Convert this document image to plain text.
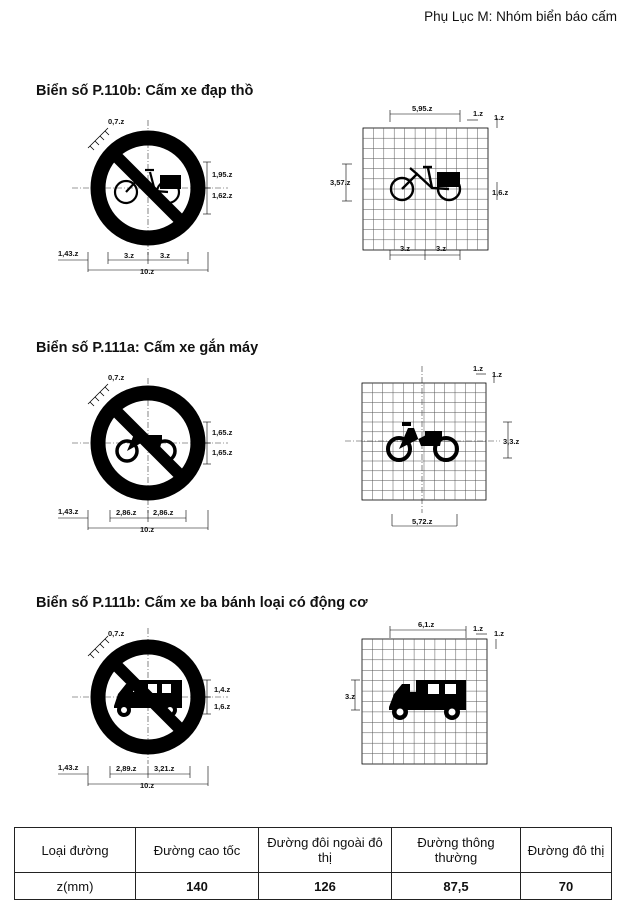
Phụ Lục M: Nhóm biển báo cấm
Biển số P.110b: Cấm xe đạp thồ
0,7.z
1,95.z
1,62.z
1,43.z	3.z	3.z
10.z
5,95.z
1.z 1.z
3,57.z
1,6.z
3.z	3.z
Biển số P.111a: Cấm xe gắn máy
0,7.z
1,65.z
1,65.z
1,43.z	2,86.z 2,86.z
10.z
1.z
1.z
3,3.z
5,72.z
Biển số P.111b: Cấm xe ba bánh loại có động cơ
0,7.z
1,4.z
1,6.z
1,43.z	2,89.z 3,21.z
10.z
6,1.z	1.z
1.z
3.z
Loại đường	Đường cao tốc	Đường đôi ngoài đô thị	Đường thông thường	Đường đô thị
z(mm)	140	126	87,5	70
